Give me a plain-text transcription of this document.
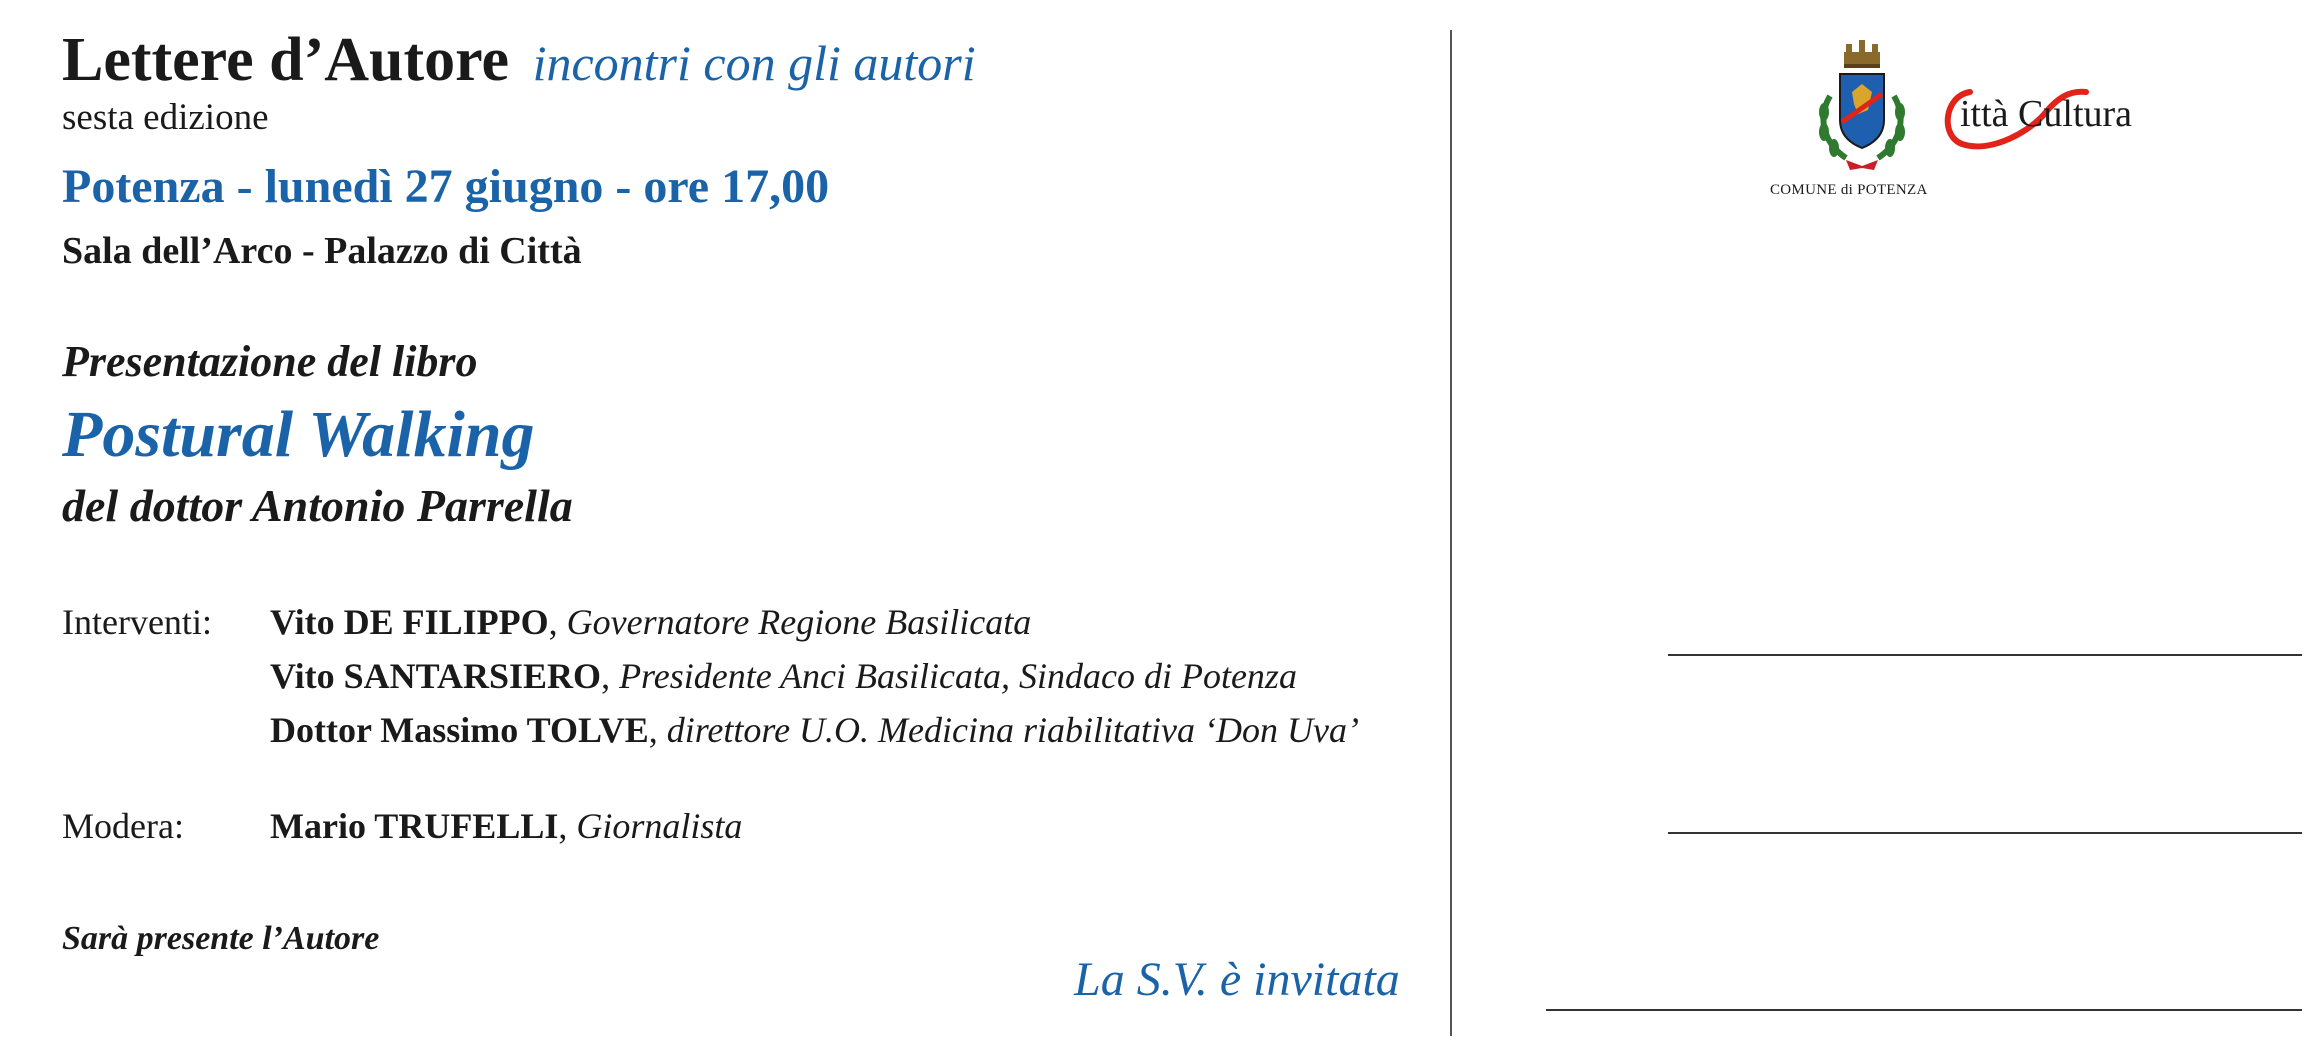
Lettere d’Autore incontri con gli autori
sesta edizione
Potenza - lunedì 27 giugno - ore 17,00
Sala dell’Arco - Palazzo di Città
Presentazione del libro
Postural Walking
del dottor Antonio Parrella
Interventi: Vito DE FILIPPO, Governatore Regione Basilicata
Vito SANTARSIERO, Presidente Anci Basilicata, Sindaco di Potenza
Dottor Massimo TOLVE, direttore U.O. Medicina riabilitativa ‘Don Uva’
Modera: Mario TRUFELLI, Giornalista
Sarà presente l’Autore
La S.V. è invitata
COMUNE di POTENZA
ittà Cultura
